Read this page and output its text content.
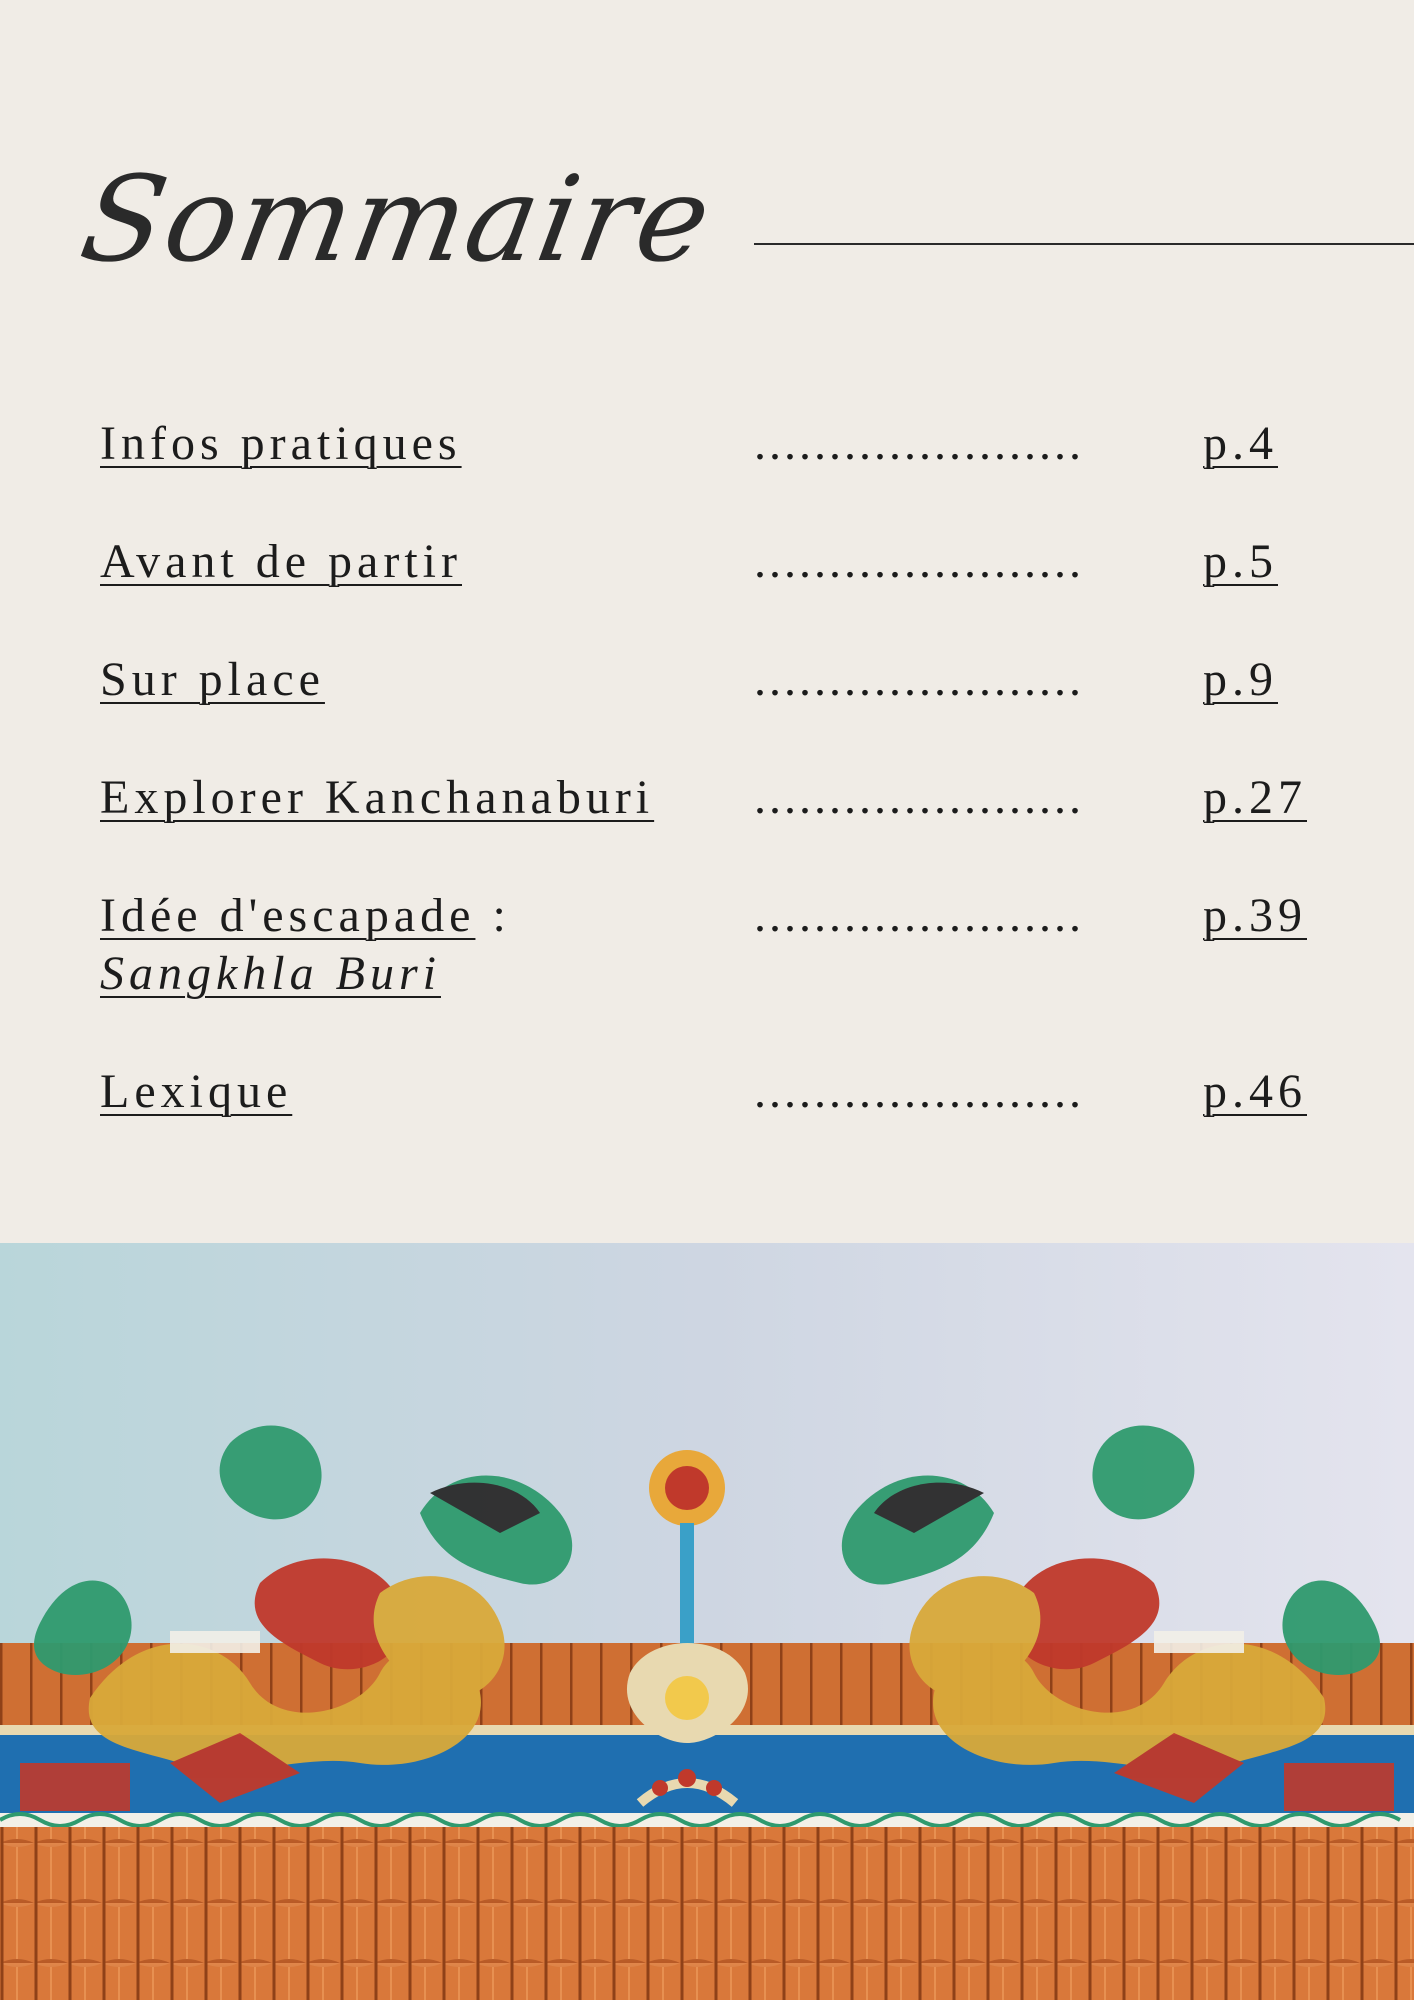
Sommaire
Infos pratiques	...................... p.4
Avant de partir	...................... p.5
Sur place	...................... p.9
Explorer Kanchanaburi ...................... p.27
Idée d'escapade :
Sangkhla Buri
...................... p.39
Lexique	...................... p.46
